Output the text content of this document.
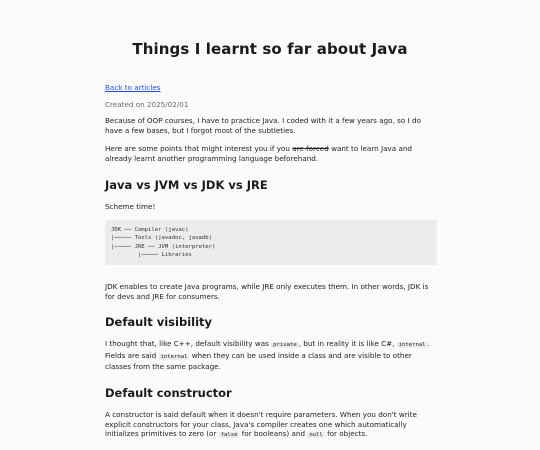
Things I learnt so far about Java
Back to articles
Created on 2025/02/01

Because of OOP courses, I have to practice Java. I coded with it a few years ago, so I do have a few bases, but I forgot most of the subtleties.

Here are some points that might interest you if you are forced want to learn Java and already learnt another programming language beforehand.

Java vs JVM vs JDK vs JRE

Scheme time!

JDK ── Compiler (javac)
|───── Tools (javadoc, javadb)
|───── JRE ── JVM (interpreter)
|───── Libraries

JDK enables to create Java programs, while JRE only executes them. In other words, JDK is for devs and JRE for consumers.

Default visibility

I thought that, like C++, default visibility was private , but in reality it is like C#, internal . Fields are said internal when they can be used inside a class and are visible to other classes from the same package.

Default constructor

A constructor is said default when it doesn't require parameters. When you don't write explicit constructors for your class, Java's compiler creates one which automatically initializes primitives to zero (or false for booleans) and null for objects.
